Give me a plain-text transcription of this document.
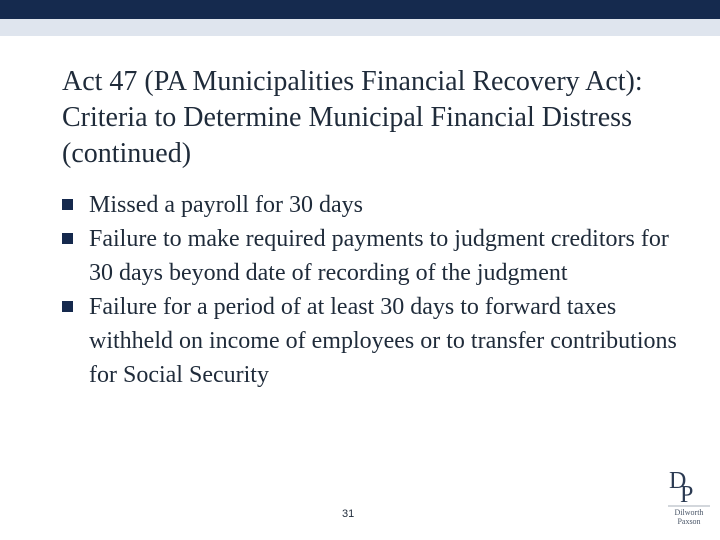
Act 47 (PA Municipalities Financial Recovery Act): Criteria to Determine Municipal Financial Distress (continued)
Missed a payroll for 30 days
Failure to make required payments to judgment creditors for 30 days beyond date of recording of the judgment
Failure for a period of at least 30 days to forward taxes withheld on income of employees or to transfer contributions for Social Security
31
D
P
Dilworth
Paxson
